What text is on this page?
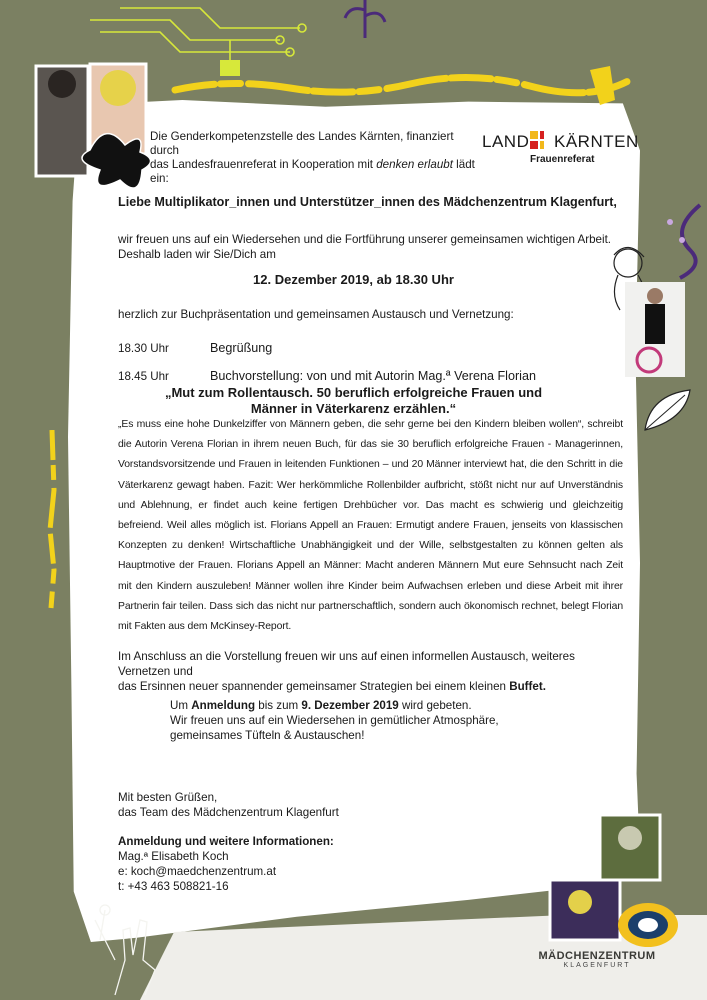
LAND KÄRNTEN
Frauenreferat
Die Genderkompetenzstelle des Landes Kärnten, finanziert durch
das Landesfrauenreferat in Kooperation mit denken erlaubt lädt ein:
Liebe Multiplikator_innen und Unterstützer_innen des Mädchenzentrum Klagenfurt,
wir freuen uns auf ein Wiedersehen und die Fortführung unserer gemeinsamen wichtigen Arbeit.
Deshalb laden wir Sie/Dich am
12. Dezember 2019, ab 18.30 Uhr
herzlich zur Buchpräsentation und gemeinsamen Austausch und Vernetzung:
18.30 Uhr	Begrüßung
18.45 Uhr	Buchvorstellung: von und mit Autorin Mag.ª Verena Florian
„Mut zum Rollentausch. 50 beruflich erfolgreiche Frauen und
Männer in Väterkarenz erzählen.“
„Es muss eine hohe Dunkelziffer von Männern geben, die sehr gerne bei den Kindern bleiben wollen“, schreibt die Autorin Verena Florian in ihrem neuen Buch, für das sie 30 beruflich erfolgreiche Frauen - Managerinnen, Vorstandsvorsitzende und Frauen in leitenden Funktionen – und 20 Männer interviewt hat, die den Schritt in die Väterkarenz gewagt haben. Fazit: Wer herkömmliche Rollenbilder aufbricht, stößt nicht nur auf Unverständnis und Ablehnung, er findet auch keine fertigen Drehbücher vor. Das macht es schwierig und gleichzeitig befreiend. Weil alles möglich ist. Florians Appell an Frauen: Ermutigt andere Frauen, jenseits von klassischen Konzepten zu denken! Wirtschaftliche Unabhängigkeit und der Wille, selbstgestalten zu können gelten als Hauptmotive der Frauen. Florians Appell an Männer: Macht anderen Männern Mut eure Sehnsucht nach Zeit mit den Kindern auszuleben! Männer wollen ihre Kinder beim Aufwachsen erleben und diese Arbeit mit ihrer Partnerin fair teilen. Dass sich das nicht nur partnerschaftlich, sondern auch ökonomisch rechnet, belegt Florian mit Fakten aus dem McKinsey-Report.
Im Anschluss an die Vorstellung freuen wir uns auf einen informellen Austausch, weiteres Vernetzen und
das Ersinnen neuer spannender gemeinsamer Strategien bei einem kleinen Buffet.
Um Anmeldung bis zum 9. Dezember 2019 wird gebeten.
Wir freuen uns auf ein Wiedersehen in gemütlicher Atmosphäre,
gemeinsames Tüfteln & Austauschen!
Mit besten Grüßen,
das Team des Mädchenzentrum Klagenfurt
Anmeldung und weitere Informationen:
Mag.ª Elisabeth Koch
e: koch@maedchenzentrum.at
t: +43 463 508821-16
MÄDCHENZENTRUM
KLAGENFURT
